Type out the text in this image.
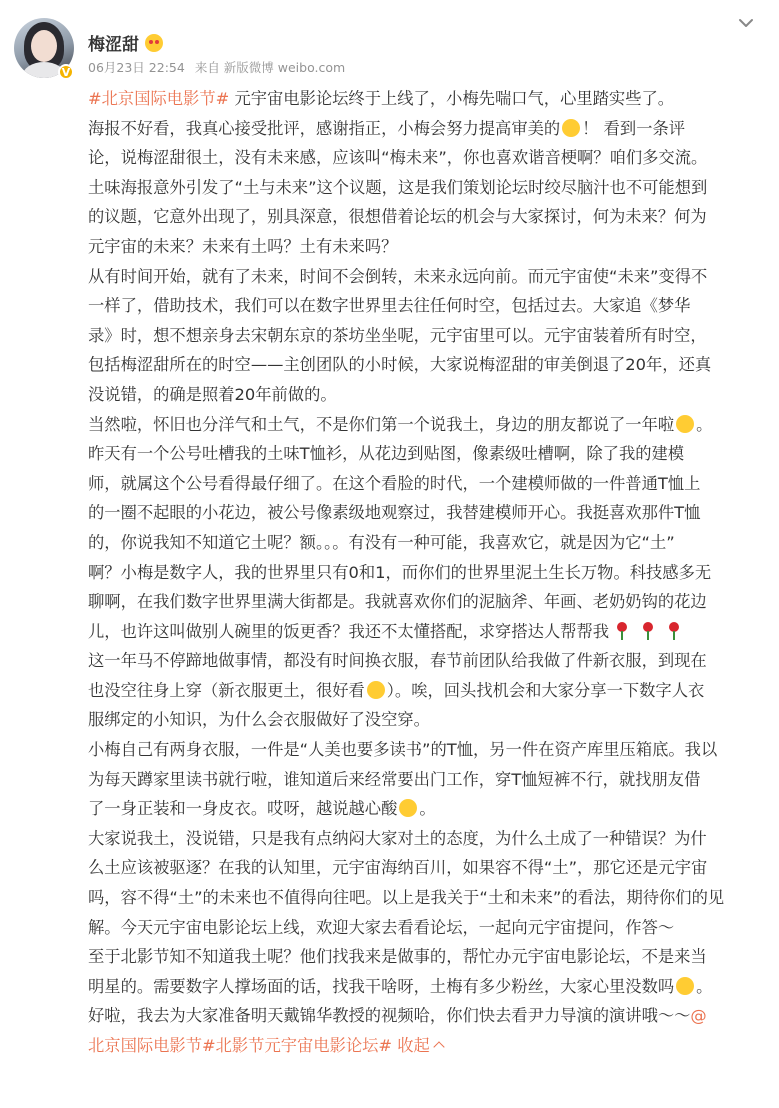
V
梅涩甜
06月23日 22:54 来自 新版微博 weibo.com

#北京国际电影节# 元宇宙电影论坛终于上线了，小梅先喘口气，心里踏实些了。

海报不好看，我真心接受批评，感谢指正，小梅会努力提高审美的 ！ 看到一条评

论，说梅涩甜很土，没有未来感，应该叫“梅未来”，你也喜欢谐音梗啊？咱们多交流。

土味海报意外引发了“土与未来”这个议题，这是我们策划论坛时绞尽脑汁也不可能想到

的议题，它意外出现了，别具深意，很想借着论坛的机会与大家探讨，何为未来？何为

元宇宙的未来？未来有土吗？土有未来吗？

从有时间开始，就有了未来，时间不会倒转，未来永远向前。而元宇宙使“未来”变得不

一样了，借助技术，我们可以在数字世界里去往任何时空，包括过去。大家追《梦华

录》时，想不想亲身去宋朝东京的茶坊坐坐呢，元宇宙里可以。元宇宙装着所有时空，

包括梅涩甜所在的时空——主创团队的小时候，大家说梅涩甜的审美倒退了20年，还真

没说错，的确是照着20年前做的。

当然啦，怀旧也分洋气和土气，不是你们第一个说我土，身边的朋友都说了一年啦 。

昨天有一个公号吐槽我的土味T恤衫，从花边到贴图，像素级吐槽啊，除了我的建模

师，就属这个公号看得最仔细了。在这个看脸的时代，一个建模师做的一件普通T恤上

的一圈不起眼的小花边，被公号像素级地观察过，我替建模师开心。我挺喜欢那件T恤

的，你说我知不知道它土呢？额。。。有没有一种可能，我喜欢它，就是因为它“土”

啊？小梅是数字人，我的世界里只有0和1，而你们的世界里泥土生长万物。科技感多无

聊啊，在我们数字世界里满大街都是。我就喜欢你们的泥脑斧、年画、老奶奶钩的花边

儿，也许这叫做别人碗里的饭更香？我还不太懂搭配，求穿搭达人帮帮我

这一年马不停蹄地做事情，都没有时间换衣服，春节前团队给我做了件新衣服，到现在

也没空往身上穿（新衣服更土，很好看 ）。唉，回头找机会和大家分享一下数字人衣

服绑定的小知识，为什么会衣服做好了没空穿。

小梅自己有两身衣服，一件是“人美也要多读书”的T恤，另一件在资产库里压箱底。我以

为每天蹲家里读书就行啦，谁知道后来经常要出门工作，穿T恤短裤不行，就找朋友借

了一身正装和一身皮衣。哎呀，越说越心酸 。

大家说我土，没说错，只是我有点纳闷大家对土的态度，为什么土成了一种错误？为什

么土应该被驱逐？在我的认知里，元宇宙海纳百川，如果容不得“土”，那它还是元宇宙

吗，容不得“土”的未来也不值得向往吧。以上是我关于“土和未来”的看法，期待你们的见

解。今天元宇宙电影论坛上线，欢迎大家去看看论坛，一起向元宇宙提问，作答～

至于北影节知不知道我土呢？他们找我来是做事的，帮忙办元宇宙电影论坛，不是来当

明星的。需要数字人撑场面的话，找我干啥呀，土梅有多少粉丝，大家心里没数吗 。

好啦，我去为大家准备明天戴锦华教授的视频哈，你们快去看尹力导演的演讲哦～～@

北京国际电影节#北影节元宇宙电影论坛# 收起
